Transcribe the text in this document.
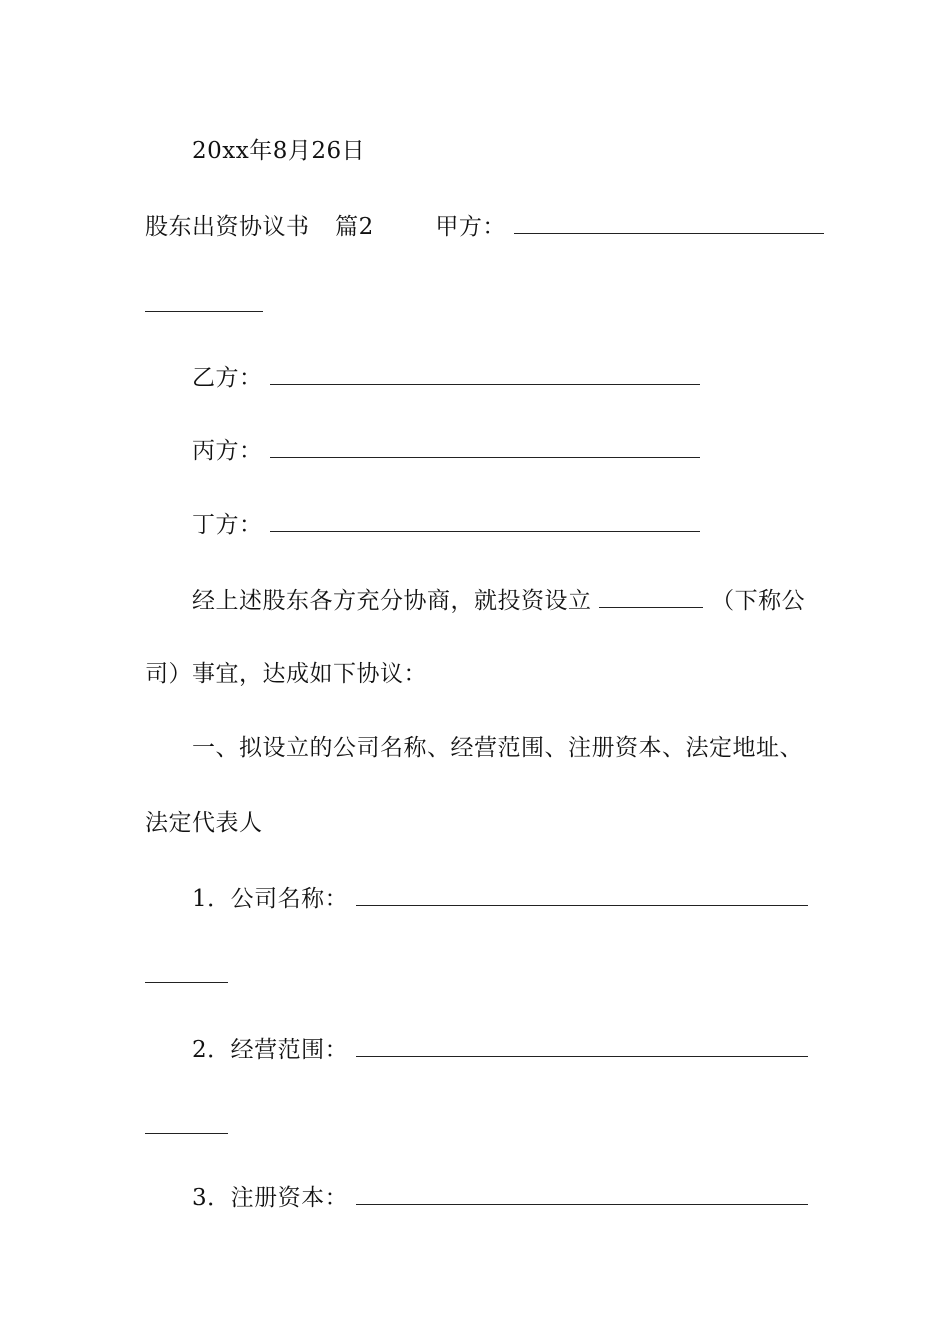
20xx年8月26日
股东出资协议书 篇2	甲方：
乙方：
丙方：
丁方：
经上述股东各方充分协商，就投资设立	（下称公
司）事宜，达成如下协议：
一、拟设立的公司名称、经营范围、注册资本、法定地址、
法定代表人
1．公司名称：
2．经营范围：
3．注册资本：
